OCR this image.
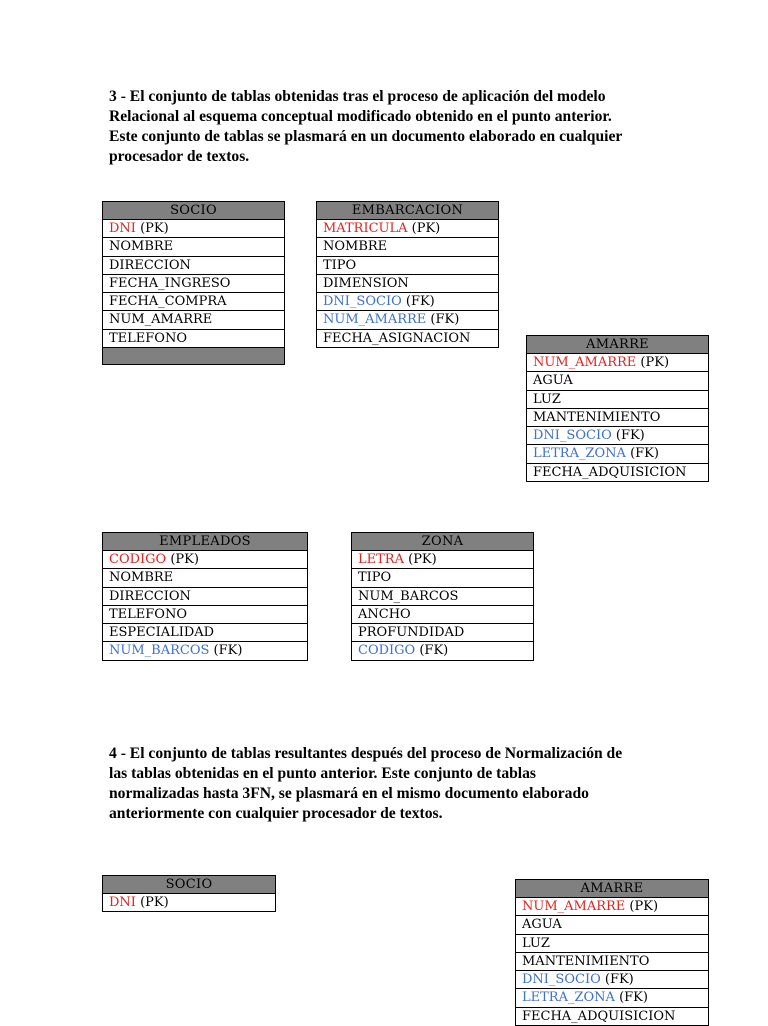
3 - El conjunto de tablas obtenidas tras el proceso de aplicación del modelo
Relacional al esquema conceptual modificado obtenido en el punto anterior.
Este conjunto de tablas se plasmará en un documento elaborado en cualquier
procesador de textos.

SOCIO
DNI (PK)
NOMBRE
DIRECCION
FECHA_INGRESO
FECHA_COMPRA
NUM_AMARRE
TELEFONO
EMBARCACION
MATRICULA (PK)
NOMBRE
TIPO
DIMENSION
DNI_SOCIO (FK)
NUM_AMARRE (FK)
FECHA_ASIGNACION	AMARRE
NUM_AMARRE (PK)
AGUA
LUZ
MANTENIMIENTO
DNI_SOCIO (FK)
LETRA_ZONA (FK)
FECHA_ADQUISICION
EMPLEADOS
CODIGO (PK)
NOMBRE
DIRECCION
TELEFONO
ESPECIALIDAD
NUM_BARCOS (FK)
ZONA
LETRA (PK)
TIPO
NUM_BARCOS
ANCHO
PROFUNDIDAD
CODIGO (FK)

4 - El conjunto de tablas resultantes después del proceso de Normalización de
las tablas obtenidas en el punto anterior. Este conjunto de tablas
normalizadas hasta 3FN, se plasmará en el mismo documento elaborado
anteriormente con cualquier procesador de textos.

SOCIO
DNI (PK)
AMARRE
NUM_AMARRE (PK)
AGUA
LUZ
MANTENIMIENTO
DNI_SOCIO (FK)
LETRA_ZONA (FK)
FECHA_ADQUISICION
